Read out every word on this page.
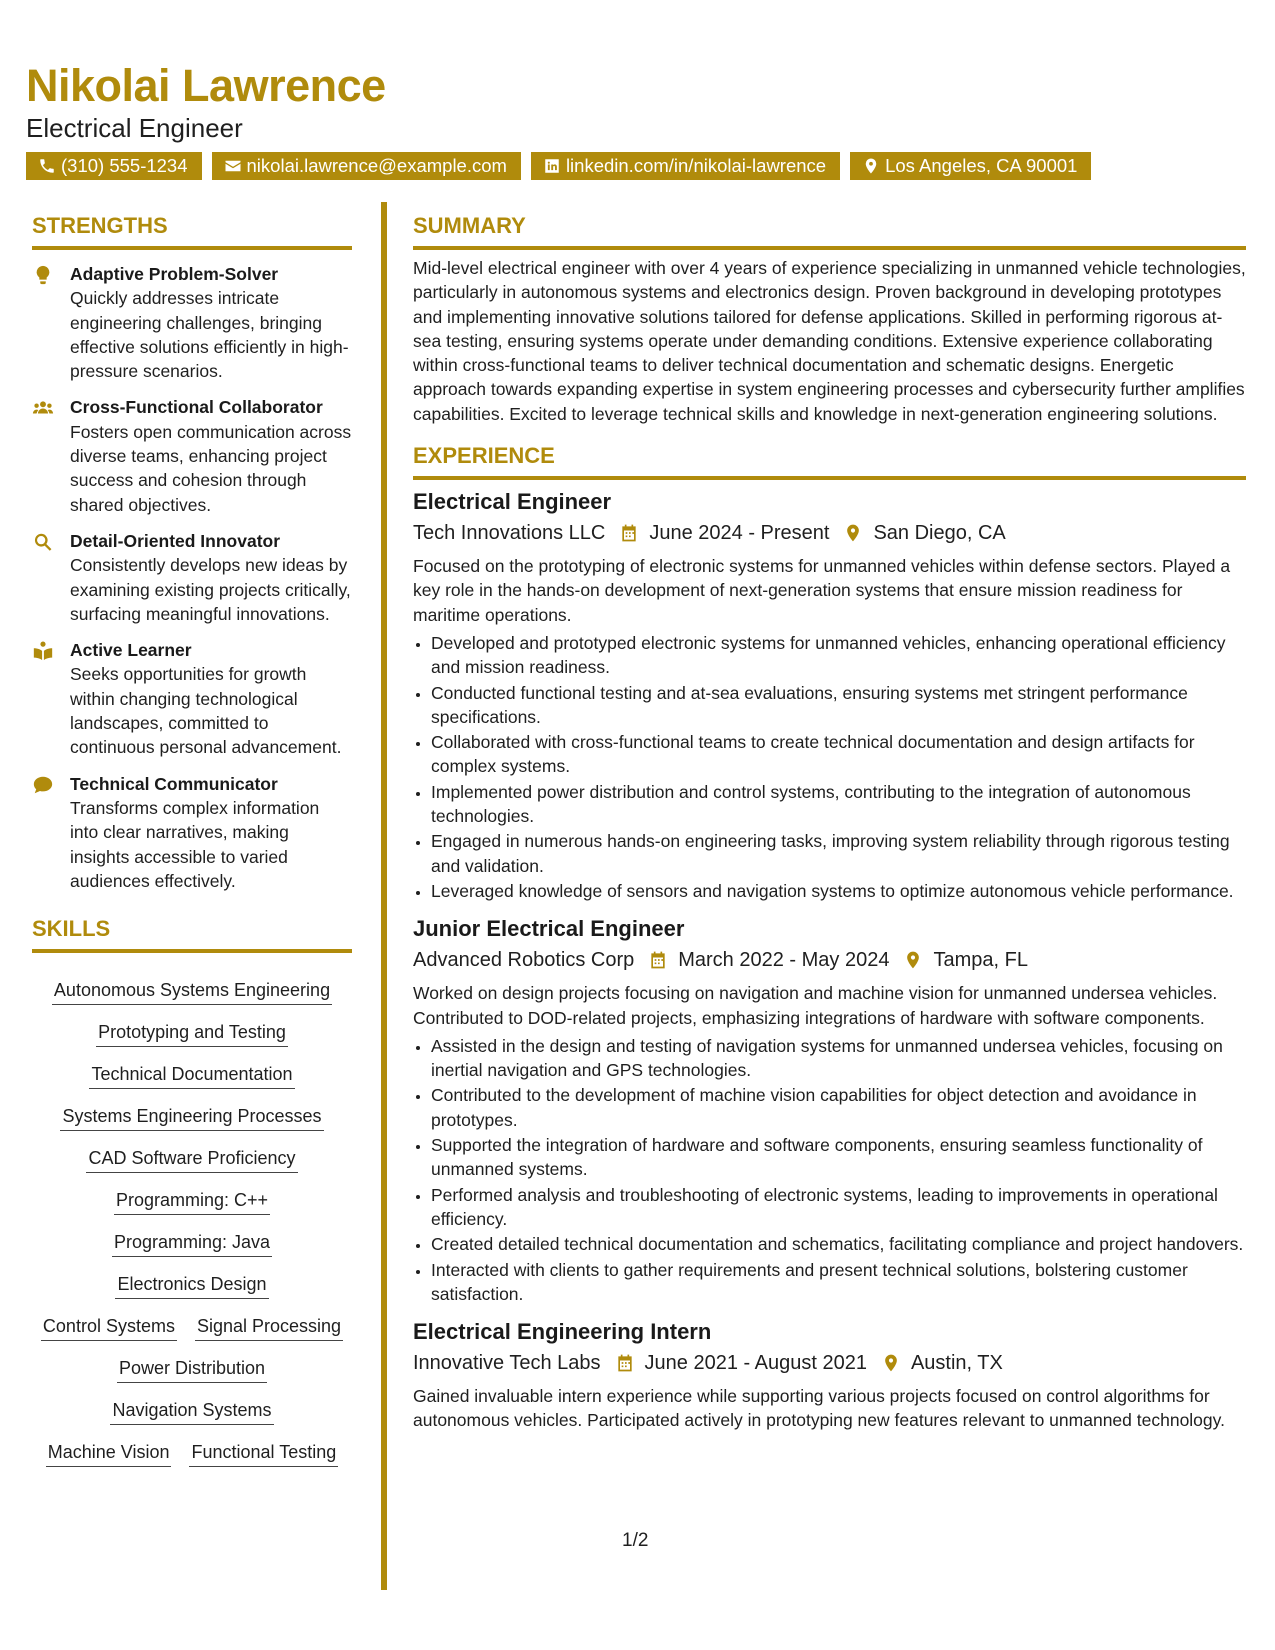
Nikolai Lawrence
Electrical Engineer
(310) 555-1234	nikolai.lawrence@example.com	linkedin.com/in/nikolai-lawrence	Los Angeles, CA 90001
STRENGTHS
Adaptive Problem-Solver
Quickly addresses intricate engineering challenges, bringing effective solutions efficiently in high-pressure scenarios.
Cross-Functional Collaborator
Fosters open communication across diverse teams, enhancing project success and cohesion through shared objectives.
Detail-Oriented Innovator
Consistently develops new ideas by examining existing projects critically, surfacing meaningful innovations.
Active Learner
Seeks opportunities for growth within changing technological landscapes, committed to continuous personal advancement.
Technical Communicator
Transforms complex information into clear narratives, making insights accessible to varied audiences effectively.
SKILLS
Autonomous Systems Engineering
Prototyping and Testing
Technical Documentation
Systems Engineering Processes
CAD Software Proficiency
Programming: C++
Programming: Java
Electronics Design
Control Systems Signal Processing
Power Distribution
Navigation Systems
Machine Vision Functional Testing
SUMMARY
Mid-level electrical engineer with over 4 years of experience specializing in unmanned vehicle technologies, particularly in autonomous systems and electronics design. Proven background in developing prototypes and implementing innovative solutions tailored for defense applications. Skilled in performing rigorous at-sea testing, ensuring systems operate under demanding conditions. Extensive experience collaborating within cross-functional teams to deliver technical documentation and schematic designs. Energetic approach towards expanding expertise in system engineering processes and cybersecurity further amplifies capabilities. Excited to leverage technical skills and knowledge in next-generation engineering solutions.
EXPERIENCE
Electrical Engineer
Tech Innovations LLC June 2024 - Present San Diego, CA
Focused on the prototyping of electronic systems for unmanned vehicles within defense sectors. Played a key role in the hands-on development of next-generation systems that ensure mission readiness for maritime operations.
• Developed and prototyped electronic systems for unmanned vehicles, enhancing operational efficiency and mission readiness.
• Conducted functional testing and at-sea evaluations, ensuring systems met stringent performance specifications.
• Collaborated with cross-functional teams to create technical documentation and design artifacts for complex systems.
• Implemented power distribution and control systems, contributing to the integration of autonomous technologies.
• Engaged in numerous hands-on engineering tasks, improving system reliability through rigorous testing and validation.
• Leveraged knowledge of sensors and navigation systems to optimize autonomous vehicle performance.
Junior Electrical Engineer
Advanced Robotics Corp March 2022 - May 2024 Tampa, FL
Worked on design projects focusing on navigation and machine vision for unmanned undersea vehicles. Contributed to DOD-related projects, emphasizing integrations of hardware with software components.
• Assisted in the design and testing of navigation systems for unmanned undersea vehicles, focusing on inertial navigation and GPS technologies.
• Contributed to the development of machine vision capabilities for object detection and avoidance in prototypes.
• Supported the integration of hardware and software components, ensuring seamless functionality of unmanned systems.
• Performed analysis and troubleshooting of electronic systems, leading to improvements in operational efficiency.
• Created detailed technical documentation and schematics, facilitating compliance and project handovers.
• Interacted with clients to gather requirements and present technical solutions, bolstering customer satisfaction.
Electrical Engineering Intern
Innovative Tech Labs June 2021 - August 2021 Austin, TX
Gained invaluable intern experience while supporting various projects focused on control algorithms for autonomous vehicles. Participated actively in prototyping new features relevant to unmanned technology.
1/2
